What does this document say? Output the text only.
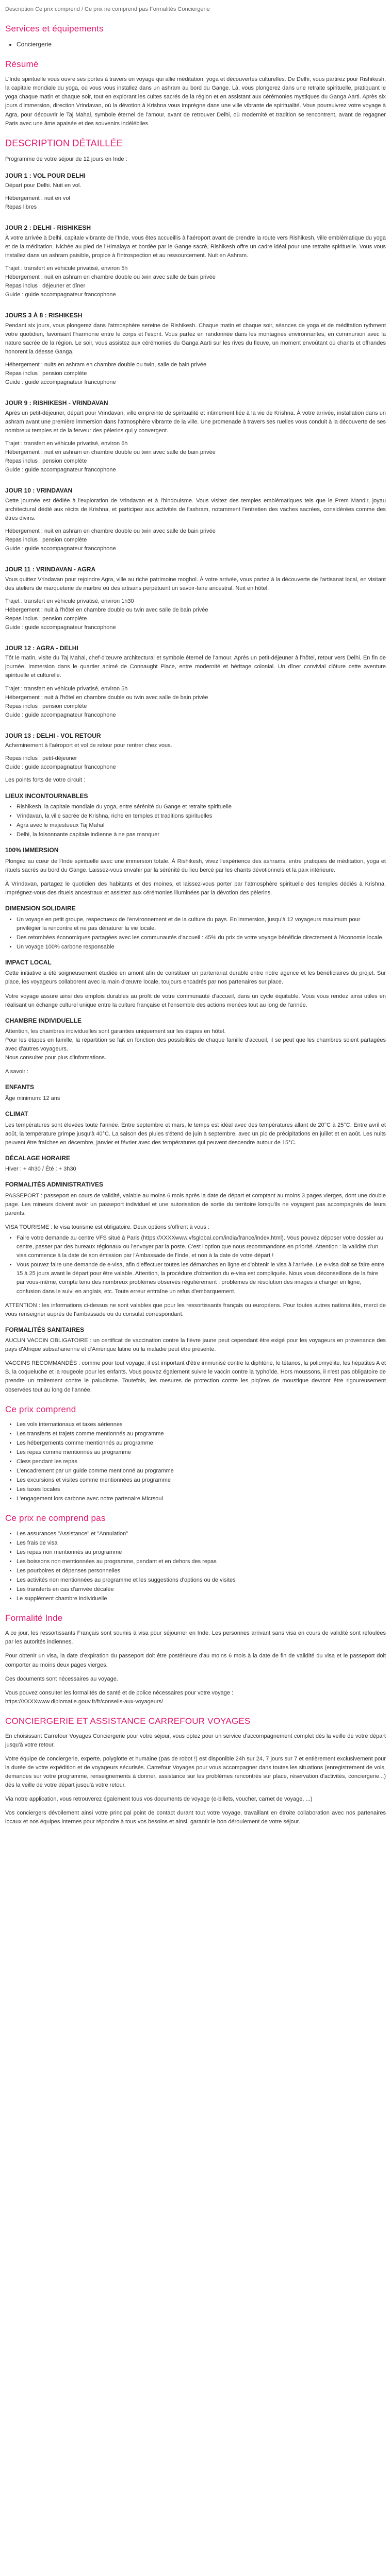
Description Ce prix comprend / Ce prix ne comprend pas Formalités Conciergerie
Services et équipements
• Conciergerie
Résumé

L'Inde spirituelle vous ouvre ses portes à travers un voyage qui allie méditation, yoga et découvertes culturelles. De Delhi, vous partirez pour Rishikesh, la capitale mondiale du yoga, où vous vous installez dans un ashram au bord du Gange. Là, vous plongerez dans une retraite spirituelle, pratiquant le yoga chaque matin et chaque soir, tout en explorant les cultes sacrés de la région et en assistant aux cérémonies mystiques du Ganga Aarti. Après six jours d'immersion, direction Vrindavan, où la dévotion à Krishna vous imprègne dans une ville vibrante de spiritualité. Vous poursuivrez votre voyage à Agra, pour découvrir le Taj Mahal, symbole éternel de l'amour, avant de retrouver Delhi, où modernité et tradition se rencontrent, avant de regagner Paris avec une âme apaisée et des souvenirs indélébiles.

DESCRIPTION DÉTAILLÉE

Programme de votre séjour de 12 jours en Inde :

JOUR 1 : VOL POUR DELHI

Départ pour Delhi. Nuit en vol.

Hébergement : nuit en vol

Repas libres

JOUR 2 : DELHI - RISHIKESH

À votre arrivée à Delhi, capitale vibrante de l'Inde, vous êtes accueillis à l'aéroport avant de prendre la route vers Rishikesh, ville emblématique du yoga et de la méditation. Nichée au pied de l'Himalaya et bordée par le Gange sacré, Rishikesh offre un cadre idéal pour une retraite spirituelle. Vous vous installez dans un ashram paisible, propice à l'introspection et au ressourcement. Nuit en Ashram.

Trajet : transfert en véhicule privatisé, environ 5h

Hébergement : nuit en ashram en chambre double ou twin avec salle de bain privée

Repas inclus : déjeuner et dîner

Guide : guide accompagnateur francophone

JOURS 3 À 8 : RISHIKESH

Pendant six jours, vous plongerez dans l'atmosphère sereine de Rishikesh. Chaque matin et chaque soir, séances de yoga et de méditation rythment votre quotidien, favorisant l'harmonie entre le corps et l'esprit. Vous partez en randonnée dans les montagnes environnantes, en communion avec la nature sacrée de la région. Le soir, vous assistez aux cérémonies du Ganga Aarti sur les rives du fleuve, un moment envoûtant où chants et offrandes honorent la déesse Ganga.

Hébergement : nuits en ashram en chambre double ou twin, salle de bain privée

Repas inclus : pension complète

Guide : guide accompagnateur francophone

JOUR 9 : RISHIKESH - VRINDAVAN

Après un petit-déjeuner, départ pour Vrindavan, ville empreinte de spiritualité et intimement liée à la vie de Krishna. À votre arrivée, installation dans un ashram avant une première immersion dans l'atmosphère vibrante de la ville. Une promenade à travers ses ruelles vous conduit à la découverte de ses nombreux temples et de la ferveur des pèlerins qui y convergent.

Trajet : transfert en véhicule privatisé, environ 6h

Hébergement : nuit en ashram en chambre double ou twin avec salle de bain privée

Repas inclus : pension complète

Guide : guide accompagnateur francophone

JOUR 10 : VRINDAVAN

Cette journée est dédiée à l'exploration de Vrindavan et à l'hindouisme. Vous visitez des temples emblématiques tels que le Prem Mandir, joyau architectural dédié aux récits de Krishna, et participez aux activités de l'ashram, notamment l'entretien des vaches sacrées, considérées comme des êtres divins.

Hébergement : nuit en ashram en chambre double ou twin avec salle de bain privée

Repas inclus : pension complète

Guide : guide accompagnateur francophone

JOUR 11 : VRINDAVAN - AGRA

Vous quittez Vrindavan pour rejoindre Agra, ville au riche patrimoine moghol. À votre arrivée, vous partez à la découverte de l'artisanat local, en visitant des ateliers de marqueterie de marbre où des artisans perpétuent un savoir-faire ancestral. Nuit en hôtel.

Trajet : transfert en véhicule privatisé, environ 1h30

Hébergement : nuit à l'hôtel en chambre double ou twin avec salle de bain privée

Repas inclus : pension complète

Guide : guide accompagnateur francophone

JOUR 12 : AGRA - DELHI

Tôt le matin, visite du Taj Mahal, chef-d'œuvre architectural et symbole éternel de l'amour. Après un petit-déjeuner à l'hôtel, retour vers Delhi. En fin de journée, immersion dans le quartier animé de Connaught Place, entre modernité et héritage colonial. Un dîner convivial clôture cette aventure spirituelle et culturelle.

Trajet : transfert en véhicule privatisé, environ 5h

Hébergement : nuit à l'hôtel en chambre double ou twin avec salle de bain privée

Repas inclus : pension complète

Guide : guide accompagnateur francophone

JOUR 13 : DELHI - VOL RETOUR

Acheminement à l'aéroport et vol de retour pour rentrer chez vous.

Repas inclus : petit-déjeuner

Guide : guide accompagnateur francophone

Les points forts de votre circuit :

LIEUX INCONTOURNABLES
• Rishikesh, la capitale mondiale du yoga, entre sérénité du Gange et retraite spirituelle
• Vrindavan, la ville sacrée de Krishna, riche en temples et traditions spirituelles
• Agra avec le majestueux Taj Mahal
• Delhi, la foisonnante capitale indienne à ne pas manquer
100% IMMERSION

Plongez au cœur de l'Inde spirituelle avec une immersion totale. À Rishikesh, vivez l'expérience des ashrams, entre pratiques de méditation, yoga et rituels sacrés au bord du Gange. Laissez-vous envahir par la sérénité du lieu bercé par les chants dévotionnels et la paix intérieure.

À Vrindavan, partagez le quotidien des habitants et des moines, et laissez-vous porter par l'atmosphère spirituelle des temples dédiés à Krishna. Imprégnez-vous des rituels ancestraux et assistez aux cérémonies illuminées par la dévotion des pèlerins.

DIMENSION SOLIDAIRE
• Un voyage en petit groupe, respectueux de l'environnement et de la culture du pays. En immersion, jusqu'à 12 voyageurs maximum pour privilégier la rencontre et ne pas dénaturer la vie locale.
• Des retombées économiques partagées avec les communautés d'accueil : 45% du prix de votre voyage bénéficie directement à l'économie locale.
• Un voyage 100% carbone responsable
IMPACT LOCAL

Cette initiative a été soigneusement étudiée en amont afin de constituer un partenariat durable entre notre agence et les bénéficiaires du projet. Sur place, les voyageurs collaborent avec la main d'œuvre locale, toujours encadrés par nos partenaires sur place.

Votre voyage assure ainsi des emplois durables au profit de votre communauté d'accueil, dans un cycle équitable. Vous vous rendez ainsi utiles en réalisant un échange culturel unique entre la culture française et l'ensemble des actions menées tout au long de l'année.

CHAMBRE INDIVIDUELLE

Attention, les chambres individuelles sont garanties uniquement sur les étapes en hôtel.

Pour les étapes en famille, la répartition se fait en fonction des possibilités de chaque famille d'accueil, il se peut que les chambres soient partagées avec d'autres voyageurs.

Nous consulter pour plus d'informations.

A savoir :

ENFANTS

Âge minimum: 12 ans

CLIMAT

Les températures sont élevées toute l'année. Entre septembre et mars, le temps est idéal avec des températures allant de 20°C à 25°C. Entre avril et août, la température grimpe jusqu'à 40°C. La saison des pluies s'étend de juin à septembre, avec un pic de précipitations en juillet et en août. Les nuits peuvent être fraîches en décembre, janvier et février avec des températures qui peuvent descendre autour de 15°C.

DÉCALAGE HORAIRE

Hiver : + 4h30 / Été : + 3h30

FORMALITÉS ADMINISTRATIVES

PASSEPORT : passeport en cours de validité, valable au moins 6 mois après la date de départ et comptant au moins 3 pages vierges, dont une double page. Les mineurs doivent avoir un passeport individuel et une autorisation de sortie du territoire lorsqu'ils ne voyagent pas accompagnés de leurs parents.

VISA TOURISME : le visa tourisme est obligatoire. Deux options s'offrent à vous :

• Faire votre demande au centre VFS situé à Paris (https://XXXXwww.vfsglobal.com/india/france/index.html). Vous pouvez déposer votre dossier au centre, passer par des bureaux régionaux ou l'envoyer par la poste. C'est l'option que nous recommandons en priorité. Attention : la validité d'un visa commence à la date de son émission par l'Ambassade de l'Inde, et non à la date de votre départ !
• Vous pouvez faire une demande de e-visa, afin d'effectuer toutes les démarches en ligne et d'obtenir le visa à l'arrivée. Le e-visa doit se faire entre 15 à 25 jours avant le départ pour être valable. Attention, la procédure d'obtention du e-visa est compliquée. Nous vous déconseillons de la faire par vous-même, compte tenu des nombreux problèmes observés régulièrement : problèmes de résolution des images à charger en ligne, confusion dans le suivi en anglais, etc. Toute erreur entraîne un refus d'embarquement.

ATTENTION : les informations ci-dessus ne sont valables que pour les ressortissants français ou européens. Pour toutes autres nationalités, merci de vous renseigner auprès de l'ambassade ou du consulat correspondant.

FORMALITÉS SANITAIRES

AUCUN VACCIN OBLIGATOIRE : un certificat de vaccination contre la fièvre jaune peut cependant être exigé pour les voyageurs en provenance des pays d'Afrique subsaharienne et d'Amérique latine où la maladie peut être présente.

VACCINS RECOMMANDÉS : comme pour tout voyage, il est important d'être immunisé contre la diphtérie, le tétanos, la poliomyélite, les hépatites A et B, la coqueluche et la rougeole pour les enfants. Vous pouvez également suivre le vaccin contre la typhoïde. Hors moussons, il n'est pas obligatoire de prendre un traitement contre le paludisme. Toutefois, les mesures de protection contre les piqûres de moustique devront être rigoureusement observées tout au long de l'année.

Ce prix comprend
• Les vols internationaux et taxes aériennes
• Les transferts et trajets comme mentionnés au programme
• Les hébergements comme mentionnés au programme
• Les repas comme mentionnés au programme
• Cless pendant les repas
• L'encadrement par un guide comme mentionné au programme
• Les excursions et visites comme mentionnées au programme
• Les taxes locales
• L'engagement lors carbone avec notre partenaire Micrsoul
Ce prix ne comprend pas
• Les assurances "Assistance" et "Annulation"
• Les frais de visa
• Les repas non mentionnés au programme
• Les boissons non mentionnées au programme, pendant et en dehors des repas
• Les pourboires et dépenses personnelles
• Les activités non mentionnées au programme et les suggestions d'options ou de visites
• Les transferts en cas d'arrivée décalée
• Le supplément chambre individuelle
Formalité Inde

A ce jour, les ressortissants Français sont soumis à visa pour séjourner en Inde. Les personnes arrivant sans visa en cours de validité sont refoulées par les autorités indiennes.

Pour obtenir un visa, la date d'expiration du passeport doit être postérieure d'au moins 6 mois à la date de fin de validité du visa et le passeport doit comporter au moins deux pages vierges.

Ces documents sont nécessaires au voyage.

Vous pouvez consulter les formalités de santé et de police nécessaires pour votre voyage :

https://XXXXwww.diplomatie.gouv.fr/fr/conseils-aux-voyageurs/

CONCIERGERIE ET ASSISTANCE CARREFOUR VOYAGES

En choisissant Carrefour Voyages Conciergerie pour votre séjour, vous optez pour un service d'accompagnement complet dès la veille de votre départ jusqu'à votre retour.

Votre équipe de conciergerie, experte, polyglotte et humaine (pas de robot !) est disponible 24h sur 24, 7 jours sur 7 et entièrement exclusivement pour la durée de votre expédition et de voyageurs sécurisés. Carrefour Voyages pour vous accompagner dans toutes les situations (enregistrement de vols, demandes sur votre programme, renseignements à donner, assistance sur les problèmes rencontrés sur place, réservation d'activités, conciergerie...) dès la veille de votre départ jusqu'à votre retour.

Via notre application, vous retrouverez également tous vos documents de voyage (e-billets, voucher, carnet de voyage, ...)

Vos conciergers dévoilement ainsi votre principal point de contact durant tout votre voyage, travaillant en étroite collaboration avec nos partenaires locaux et nos équipes internes pour répondre à tous vos besoins et ainsi, garantir le bon déroulement de votre séjour.
